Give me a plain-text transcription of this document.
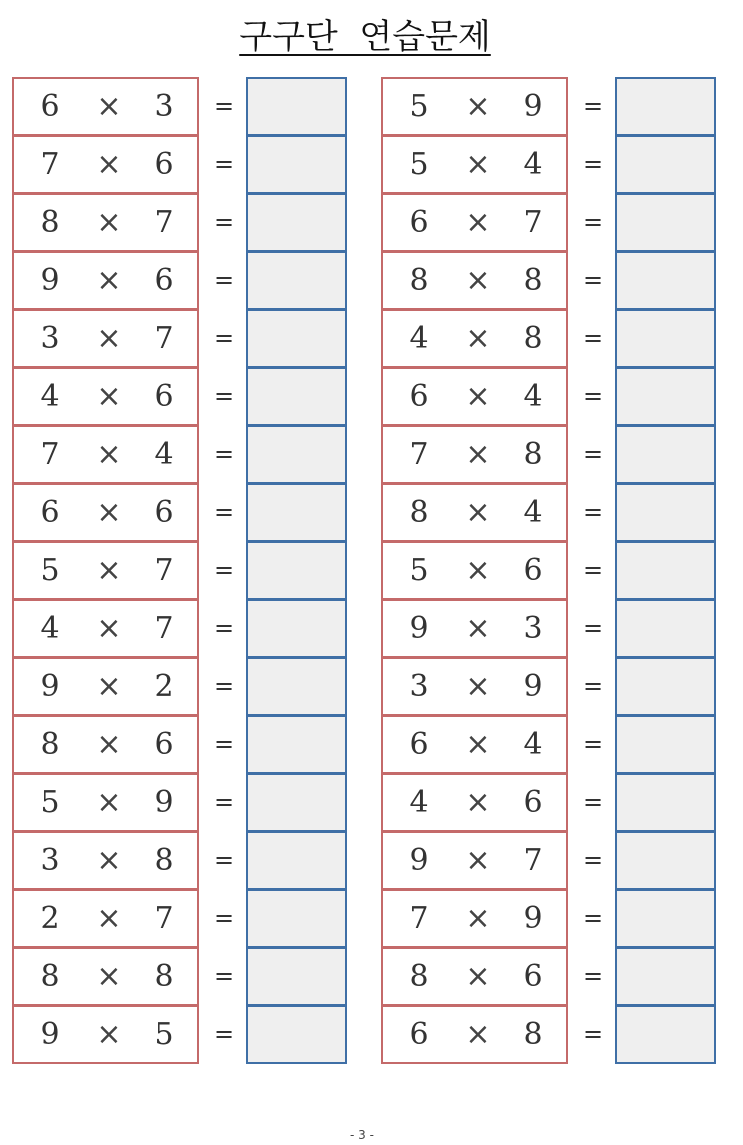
구구단  연습문제
6	×	3	=
7	×	6	=
8	×	7	=
9	×	6	=
3	×	7	=
4	×	6	=
7	×	4	=
6	×	6	=
5	×	7	=
4	×	7	=
9	×	2	=
8	×	6	=
5	×	9	=
3	×	8	=
2	×	7	=
8	×	8	=
9	×	5	=
5	×	9	=
5	×	4	=
6	×	7	=
8	×	8	=
4	×	8	=
6	×	4	=
7	×	8	=
8	×	4	=
5	×	6	=
9	×	3	=
3	×	9	=
6	×	4	=
4	×	6	=
9	×	7	=
7	×	9	=
8	×	6	=
6	×	8	=
- 3 -
